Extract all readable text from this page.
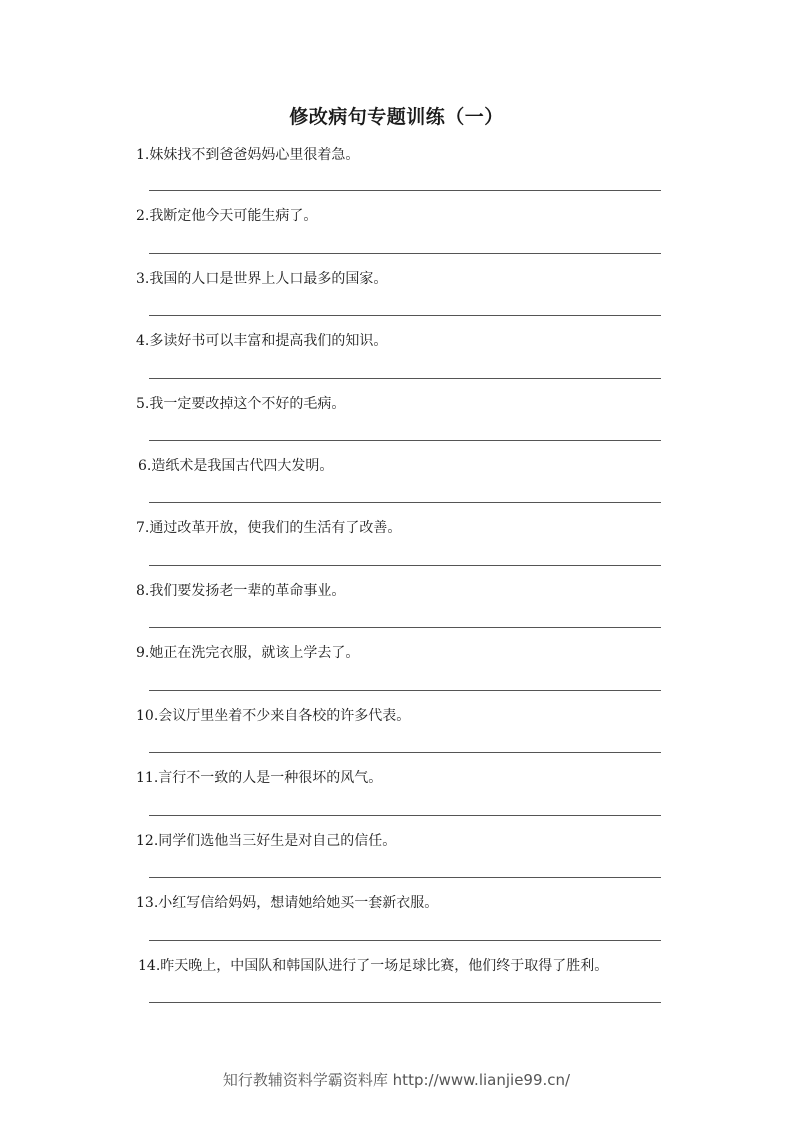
修改病句专题训练（一）
1.妹妹找不到爸爸妈妈心里很着急。
2.我断定他今天可能生病了。
3.我国的人口是世界上人口最多的国家。
4.多读好书可以丰富和提高我们的知识。
5.我一定要改掉这个不好的毛病。
6.造纸术是我国古代四大发明。
7.通过改革开放，使我们的生活有了改善。
8.我们要发扬老一辈的革命事业。
9.她正在洗完衣服，就该上学去了。
10.会议厅里坐着不少来自各校的许多代表。
11.言行不一致的人是一种很坏的风气。
12.同学们选他当三好生是对自己的信任。
13.小红写信给妈妈，想请她给她买一套新衣服。
14.昨天晚上，中国队和韩国队进行了一场足球比赛，他们终于取得了胜利。
知行教辅资料学霸资料库 http://www.lianjie99.cn/
